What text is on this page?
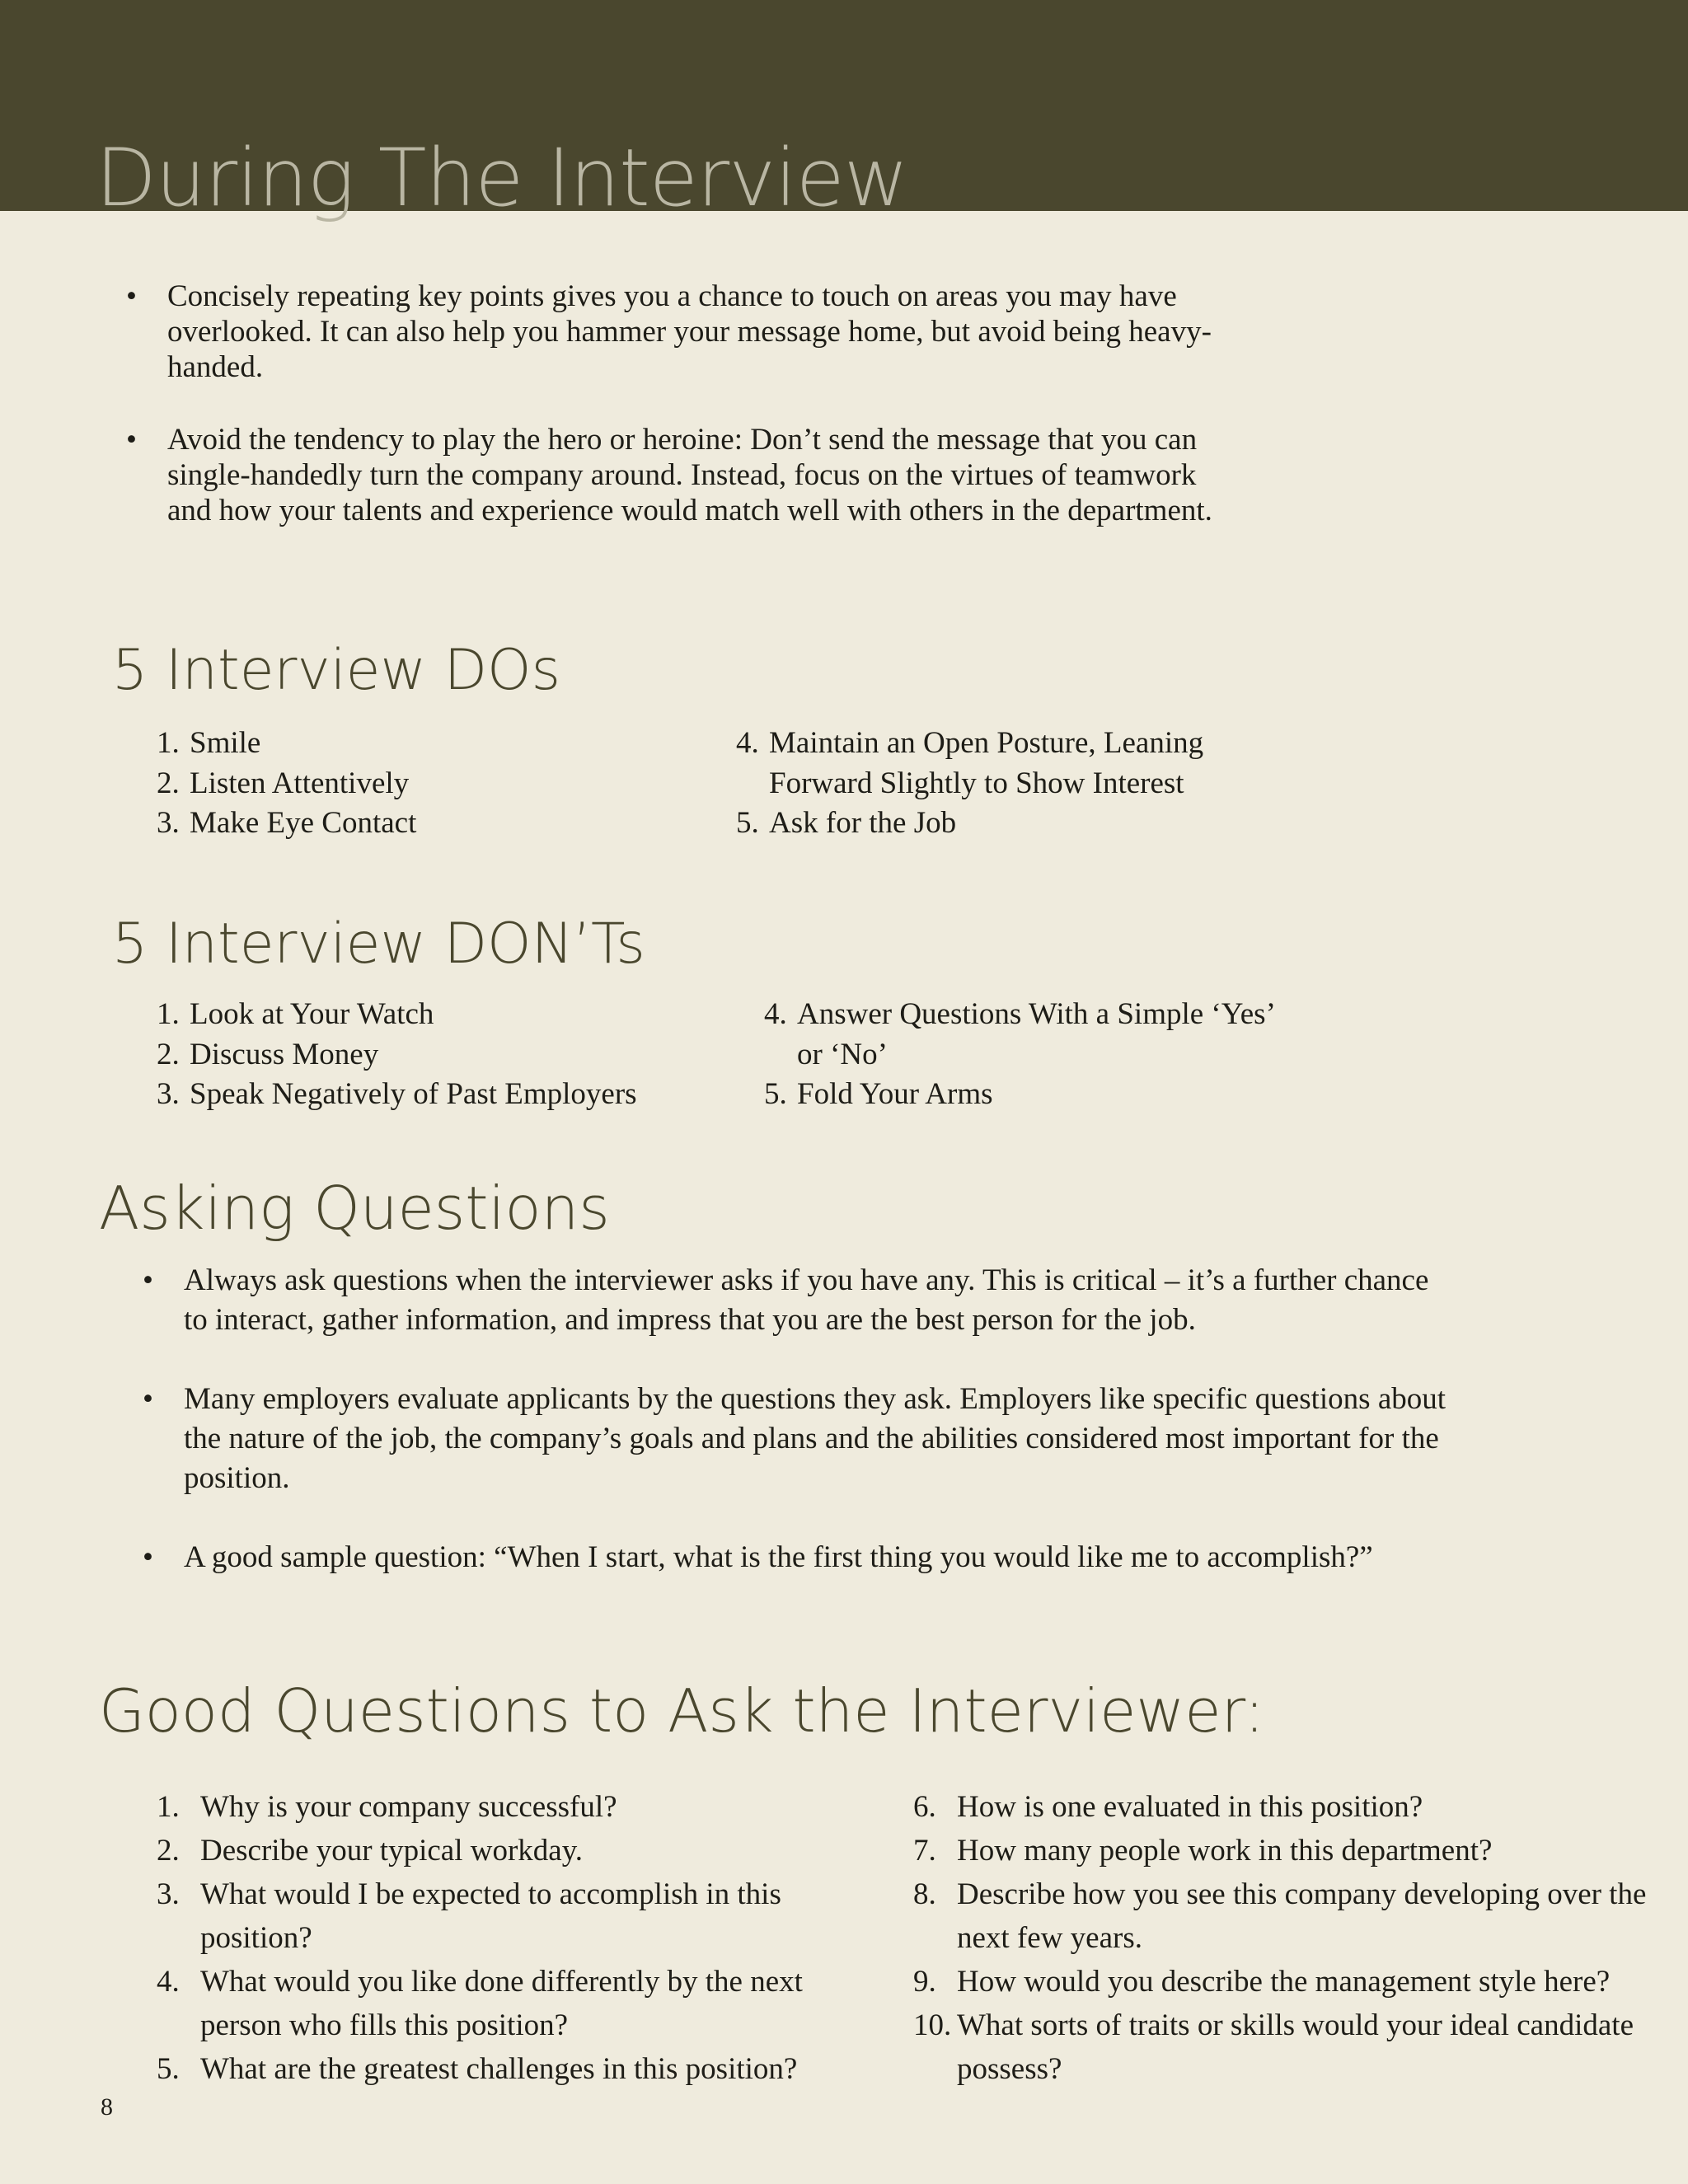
During The Interview
• Concisely repeating key points gives you a chance to touch on areas you may have overlooked. It can also help you hammer your message home, but avoid being heavy-handed.
• Avoid the tendency to play the hero or heroine: Don’t send the message that you can single-handedly turn the company around. Instead, focus on the virtues of teamwork and how your talents and experience would match well with others in the department.
5 Interview DOs
1. Smile
2. Listen Attentively
3. Make Eye Contact
4. Maintain an Open Posture, Leaning Forward Slightly to Show Interest
5. Ask for the Job
5 Interview DON’Ts
1. Look at Your Watch
2. Discuss Money
3. Speak Negatively of Past Employers
4. Answer Questions With a Simple ‘Yes’ or ‘No’
5. Fold Your Arms
Asking Questions
• Always ask questions when the interviewer asks if you have any. This is critical – it’s a further chance to interact, gather information, and impress that you are the best person for the job.
• Many employers evaluate applicants by the questions they ask. Employers like specific questions about the nature of the job, the company’s goals and plans and the abilities considered most important for the position.
• A good sample question: “When I start, what is the first thing you would like me to accomplish?”
Good Questions to Ask the Interviewer:
1. Why is your company successful?
2. Describe your typical workday.
3. What would I be expected to accomplish in this position?
4. What would you like done differently by the next person who fills this position?
5. What are the greatest challenges in this position?
6. How is one evaluated in this position?
7. How many people work in this department?
8. Describe how you see this company developing over the next few years.
9. How would you describe the management style here?
10. What sorts of traits or skills would your ideal candidate possess?

8
